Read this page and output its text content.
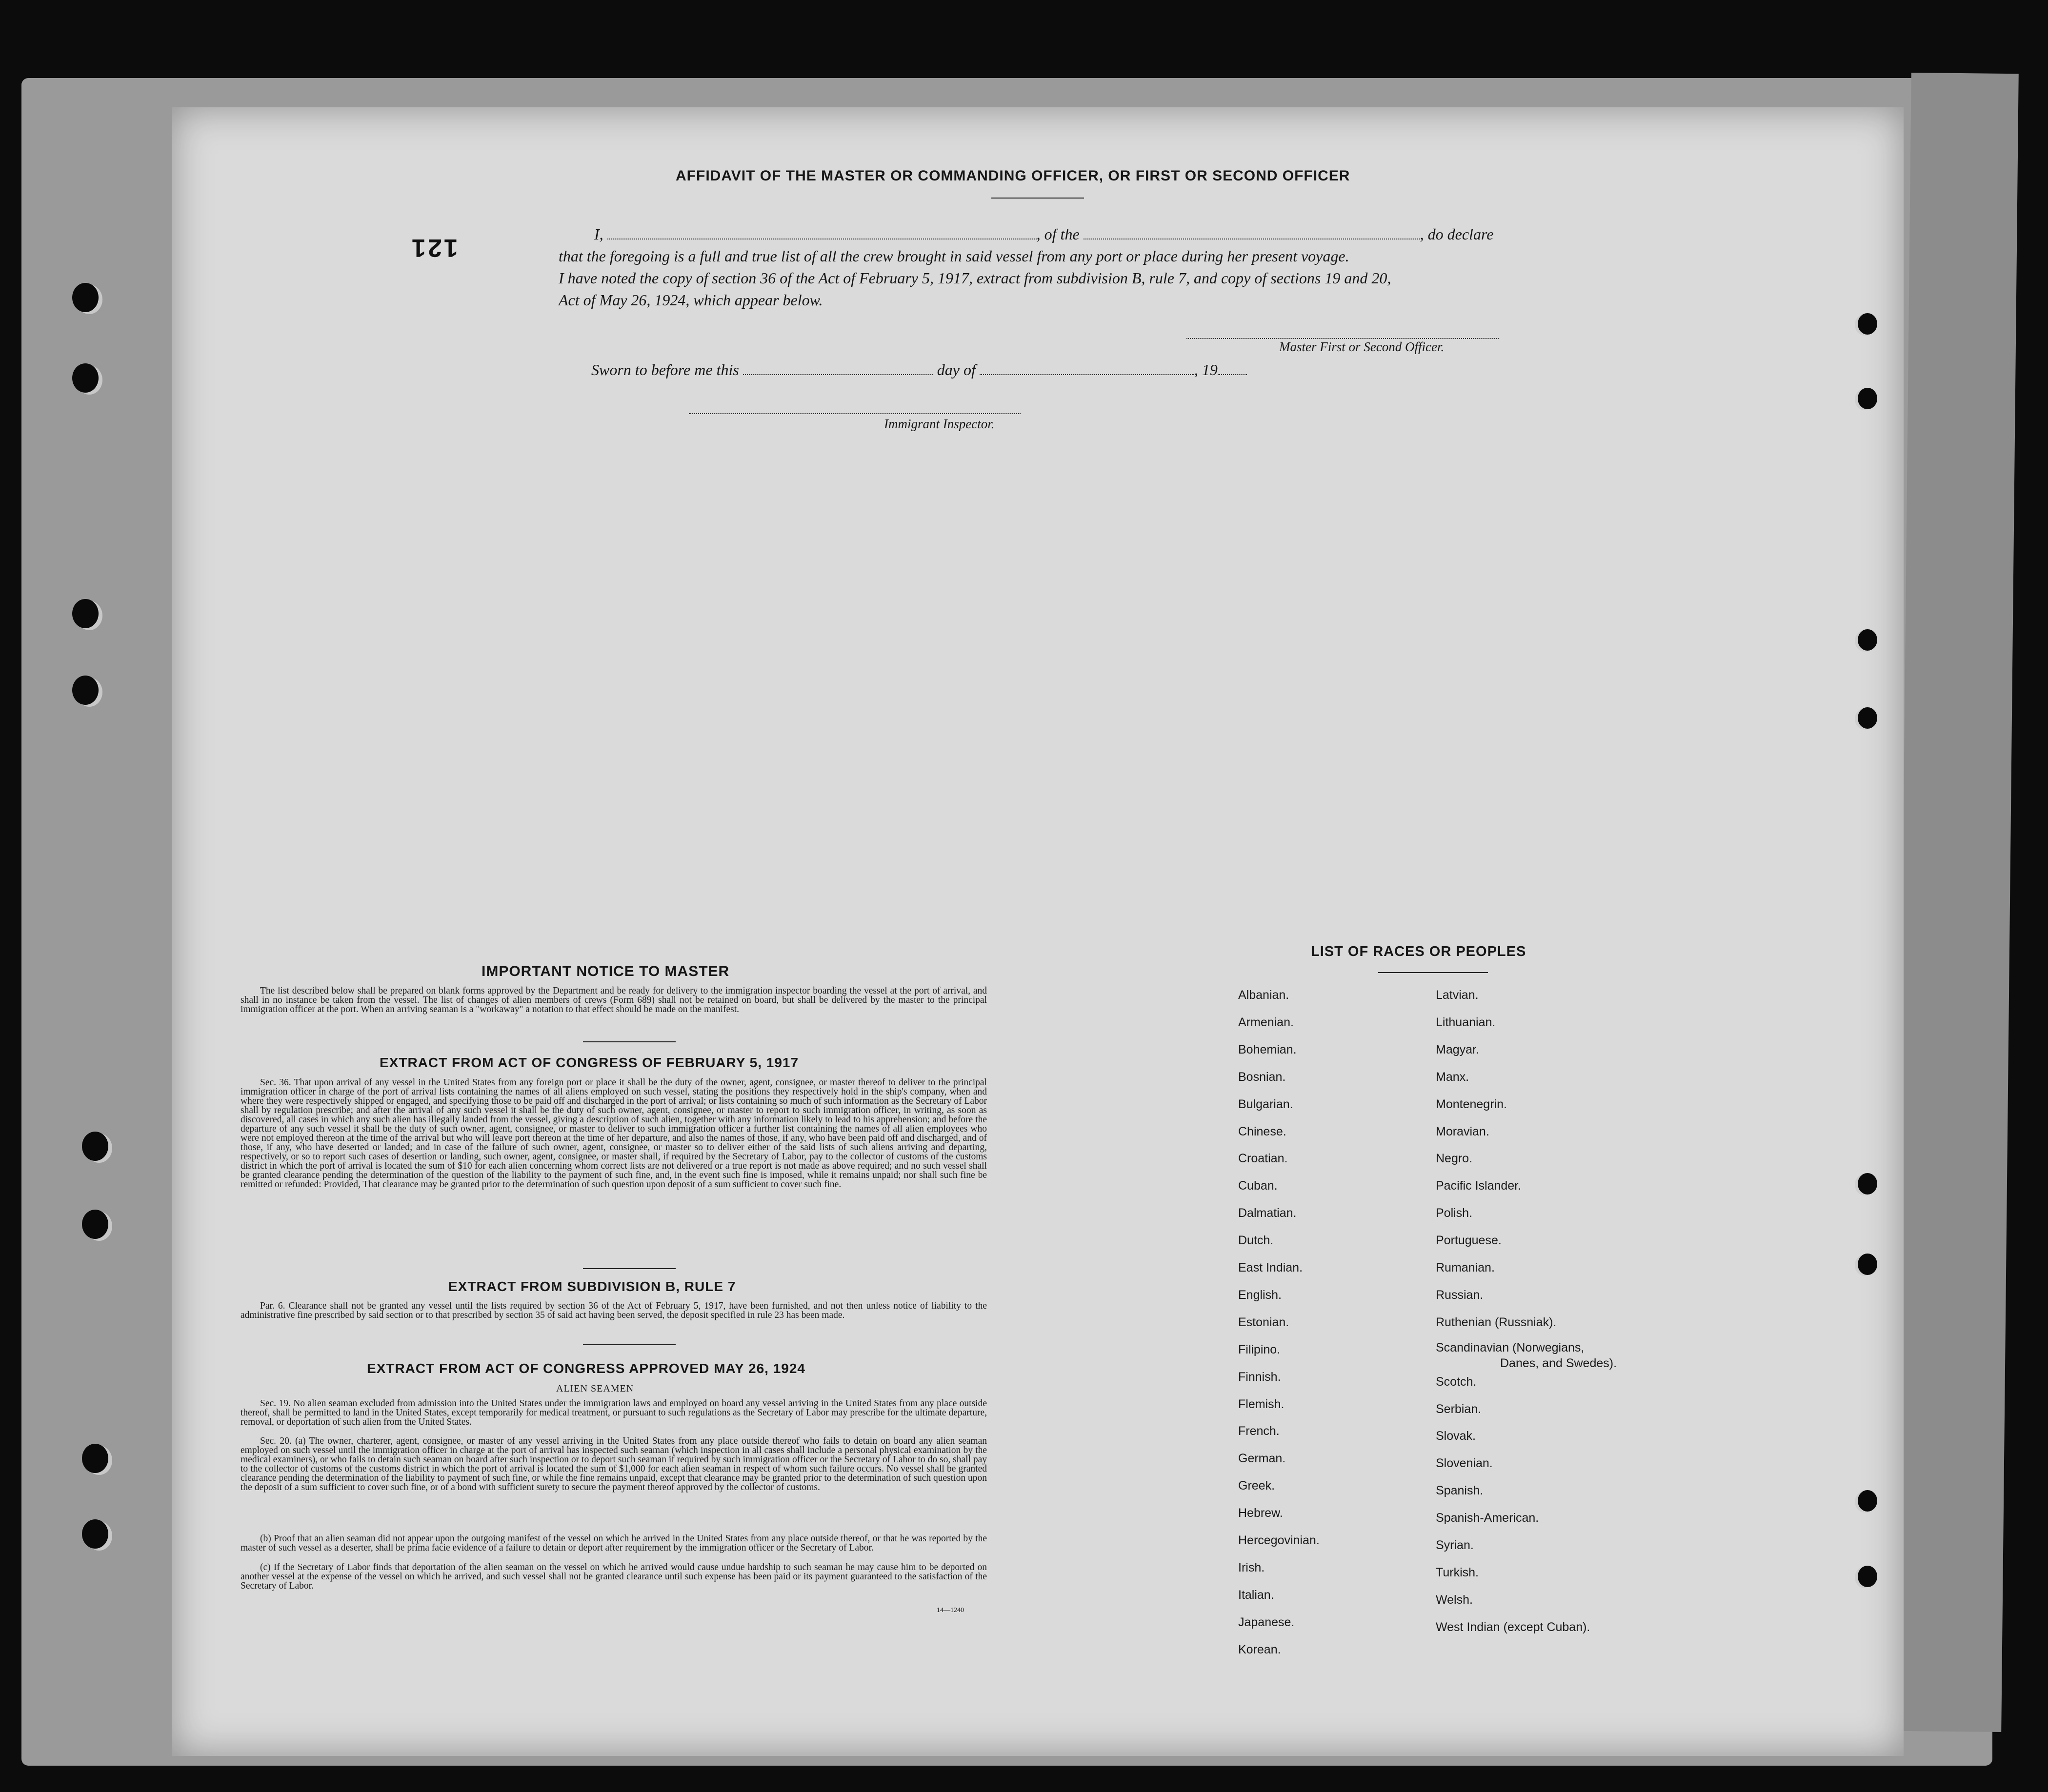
121
AFFIDAVIT OF THE MASTER OR COMMANDING OFFICER, OR FIRST OR SECOND OFFICER
I,	, of the	, do declare
that the foregoing is a full and true list of all the crew brought in said vessel from any port or place during her present voyage.
I have noted the copy of section 36 of the Act of February 5, 1917, extract from subdivision B, rule 7, and copy of sections 19 and 20,
Act of May 26, 1924, which appear below.
Master First or Second Officer.
Sworn to before me this	day of	, 19
Immigrant Inspector.
IMPORTANT NOTICE TO MASTER
The list described below shall be prepared on blank forms approved by the Department and be ready for delivery to the immigration inspector boarding the vessel at the port of arrival, and shall in no instance be taken from the vessel. The list of changes of alien members of crews (Form 689) shall not be retained on board, but shall be delivered by the master to the principal immigration officer at the port. When an arriving seaman is a "workaway" a notation to that effect should be made on the manifest.
EXTRACT FROM ACT OF CONGRESS OF FEBRUARY 5, 1917
Sec. 36. That upon arrival of any vessel in the United States from any foreign port or place it shall be the duty of the owner, agent, consignee, or master thereof to deliver to the principal immigration officer in charge of the port of arrival lists containing the names of all aliens employed on such vessel, stating the positions they respectively hold in the ship's company, when and where they were respectively shipped or engaged, and specifying those to be paid off and discharged in the port of arrival; or lists containing so much of such information as the Secretary of Labor shall by regulation prescribe; and after the arrival of any such vessel it shall be the duty of such owner, agent, consignee, or master to report to such immigration officer, in writing, as soon as discovered, all cases in which any such alien has illegally landed from the vessel, giving a description of such alien, together with any information likely to lead to his apprehension; and before the departure of any such vessel it shall be the duty of such owner, agent, consignee, or master to deliver to such immigration officer a further list containing the names of all alien employees who were not employed thereon at the time of the arrival but who will leave port thereon at the time of her departure, and also the names of those, if any, who have been paid off and discharged, and of those, if any, who have deserted or landed; and in case of the failure of such owner, agent, consignee, or master so to deliver either of the said lists of such aliens arriving and departing, respectively, or so to report such cases of desertion or landing, such owner, agent, consignee, or master shall, if required by the Secretary of Labor, pay to the collector of customs of the customs district in which the port of arrival is located the sum of $10 for each alien concerning whom correct lists are not delivered or a true report is not made as above required; and no such vessel shall be granted clearance pending the determination of the question of the liability to the payment of such fine, and, in the event such fine is imposed, while it remains unpaid; nor shall such fine be remitted or refunded: Provided, That clearance may be granted prior to the determination of such question upon deposit of a sum sufficient to cover such fine.
EXTRACT FROM SUBDIVISION B, RULE 7
Par. 6. Clearance shall not be granted any vessel until the lists required by section 36 of the Act of February 5, 1917, have been furnished, and not then unless notice of liability to the administrative fine prescribed by said section or to that prescribed by section 35 of said act having been served, the deposit specified in rule 23 has been made.
EXTRACT FROM ACT OF CONGRESS APPROVED MAY 26, 1924
ALIEN SEAMEN
Sec. 19. No alien seaman excluded from admission into the United States under the immigration laws and employed on board any vessel arriving in the United States from any place outside thereof, shall be permitted to land in the United States, except temporarily for medical treatment, or pursuant to such regulations as the Secretary of Labor may prescribe for the ultimate departure, removal, or deportation of such alien from the United States.
Sec. 20. (a) The owner, charterer, agent, consignee, or master of any vessel arriving in the United States from any place outside thereof who fails to detain on board any alien seaman employed on such vessel until the immigration officer in charge at the port of arrival has inspected such seaman (which inspection in all cases shall include a personal physical examination by the medical examiners), or who fails to detain such seaman on board after such inspection or to deport such seaman if required by such immigration officer or the Secretary of Labor to do so, shall pay to the collector of customs of the customs district in which the port of arrival is located the sum of $1,000 for each alien seaman in respect of whom such failure occurs. No vessel shall be granted clearance pending the determination of the liability to payment of such fine, or while the fine remains unpaid, except that clearance may be granted prior to the determination of such question upon the deposit of a sum sufficient to cover such fine, or of a bond with sufficient surety to secure the payment thereof approved by the collector of customs.
(b) Proof that an alien seaman did not appear upon the outgoing manifest of the vessel on which he arrived in the United States from any place outside thereof, or that he was reported by the master of such vessel as a deserter, shall be prima facie evidence of a failure to detain or deport after requirement by the immigration officer or the Secretary of Labor.
(c) If the Secretary of Labor finds that deportation of the alien seaman on the vessel on which he arrived would cause undue hardship to such seaman he may cause him to be deported on another vessel at the expense of the vessel on which he arrived, and such vessel shall not be granted clearance until such expense has been paid or its payment guaranteed to the satisfaction of the Secretary of Labor.
14—1240
LIST OF RACES OR PEOPLES
Albanian.
Armenian.
Bohemian.
Bosnian.
Bulgarian.
Chinese.
Croatian.
Cuban.
Dalmatian.
Dutch.
East Indian.
English.
Estonian.
Filipino.
Finnish.
Flemish.
French.
German.
Greek.
Hebrew.
Hercegovinian.
Irish.
Italian.
Japanese.
Korean.
Latvian.
Lithuanian.
Magyar.
Manx.
Montenegrin.
Moravian.
Negro.
Pacific Islander.
Polish.
Portuguese.
Rumanian.
Russian.
Ruthenian (Russniak).
Scandinavian (Norwegians,
Danes, and Swedes).
Scotch.
Serbian.
Slovak.
Slovenian.
Spanish.
Spanish-American.
Syrian.
Turkish.
Welsh.
West Indian (except Cuban).
